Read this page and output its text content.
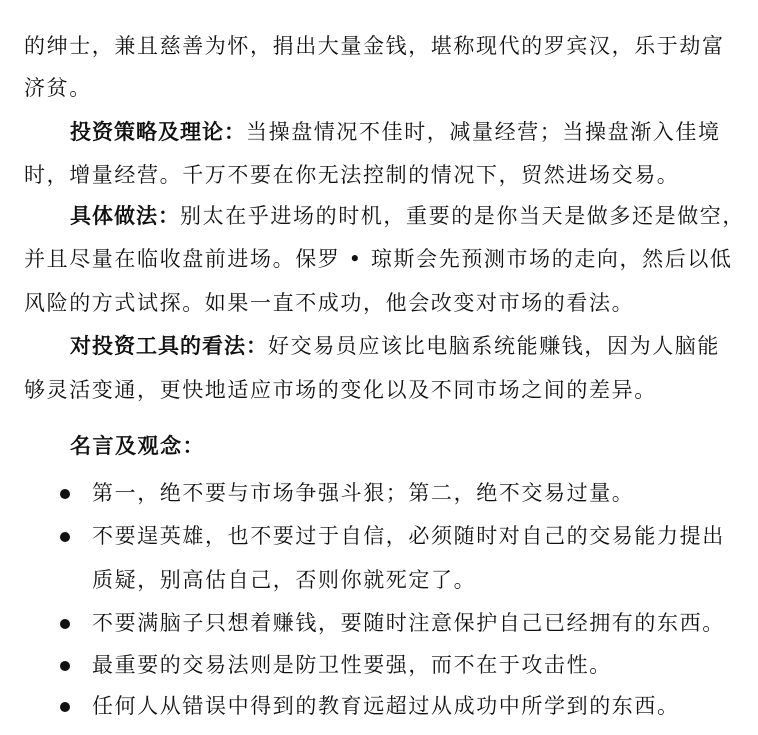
的绅士，兼且慈善为怀，捐出大量金钱，堪称现代的罗宾汉，乐于劫富
济贫。
投资策略及理论：当操盘情况不佳时，减量经营；当操盘渐入佳境
时，增量经营。千万不要在你无法控制的情况下，贸然进场交易。
具体做法：别太在乎进场的时机，重要的是你当天是做多还是做空，
并且尽量在临收盘前进场。保罗 • 琼斯会先预测市场的走向，然后以低
风险的方式试探。如果一直不成功，他会改变对市场的看法。
对投资工具的看法：好交易员应该比电脑系统能赚钱，因为人脑能
够灵活变通，更快地适应市场的变化以及不同市场之间的差异。
名言及观念：
第一，绝不要与市场争强斗狠；第二，绝不交易过量。
不要逞英雄，也不要过于自信，必须随时对自己的交易能力提出
质疑，别高估自己，否则你就死定了。
不要满脑子只想着赚钱，要随时注意保护自己已经拥有的东西。
最重要的交易法则是防卫性要强，而不在于攻击性。
任何人从错误中得到的教育远超过从成功中所学到的东西。
